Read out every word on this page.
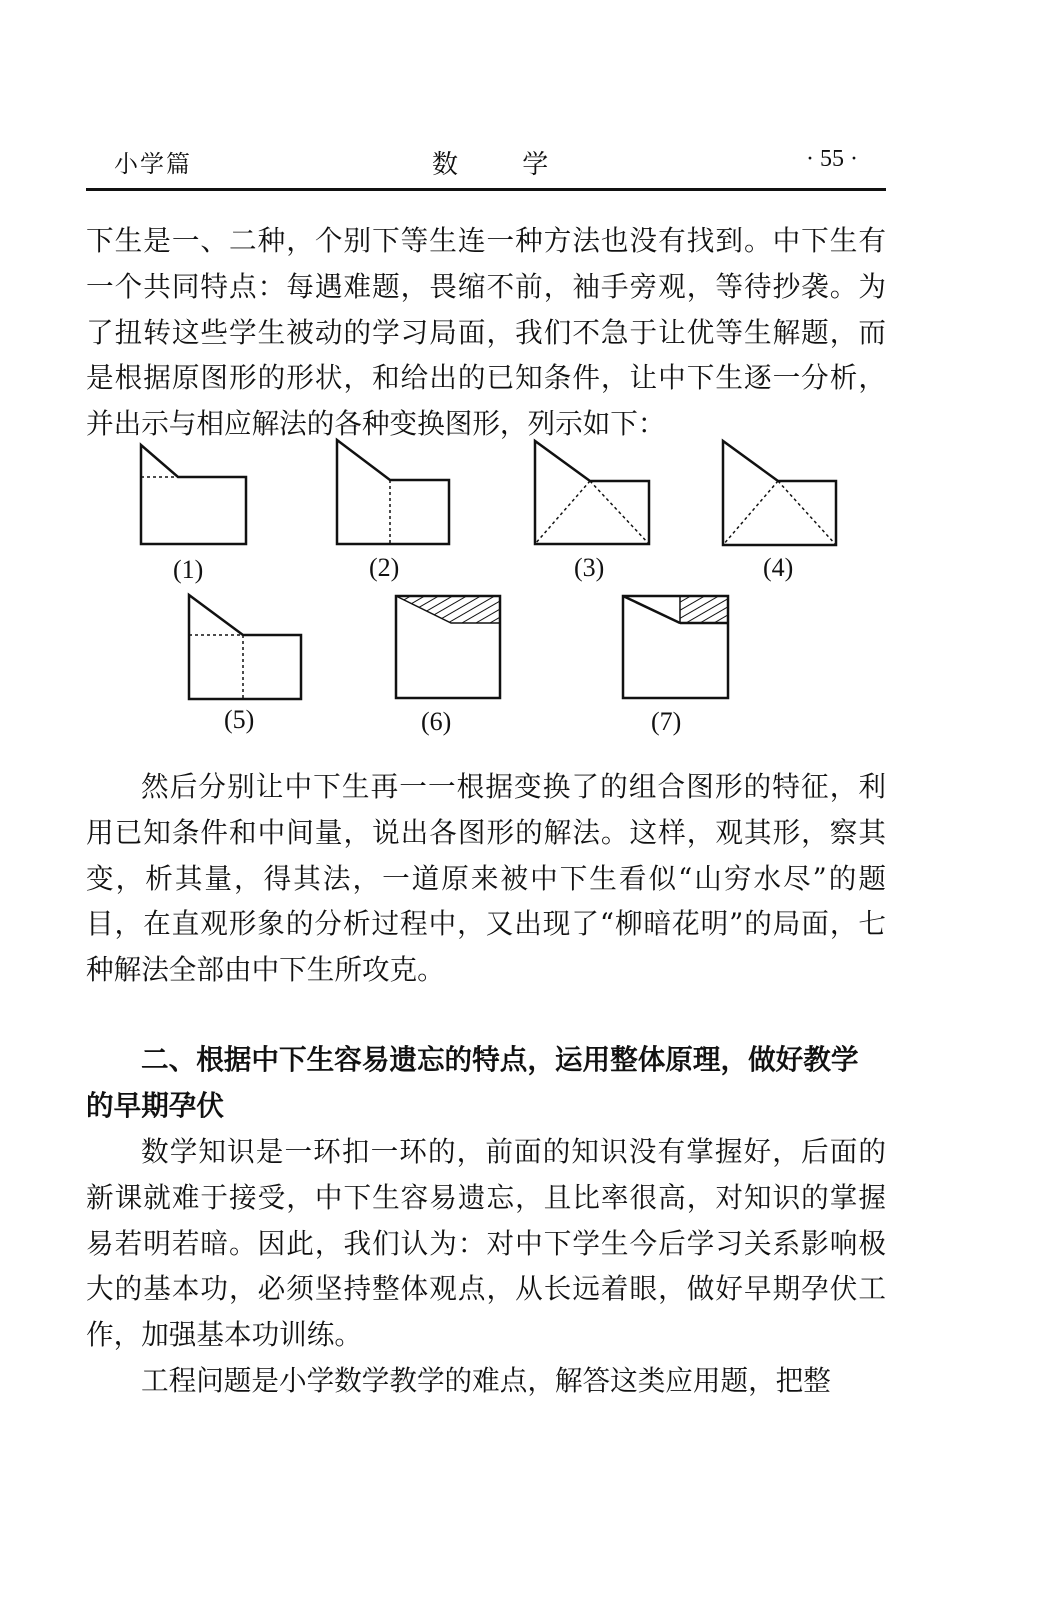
小学篇	数 学	· 55 ·

下生是一、二种，个别下等生连一种方法也没有找到。中下生有一个共同特点：每遇难题，畏缩不前，袖手旁观，等待抄袭。为了扭转这些学生被动的学习局面，我们不急于让优等生解题，而是根据原图形的形状，和给出的已知条件，让中下生逐一分析，并出示与相应解法的各种变换图形，列示如下：

(1)	(2)	(3)	(4)
(5)	(6)	(7)

然后分别让中下生再一一根据变换了的组合图形的特征，利用已知条件和中间量，说出各图形的解法。这样，观其形，察其变，析其量，得其法，一道原来被中下生看似“山穷水尽”的题目，在直观形象的分析过程中，又出现了“柳暗花明”的局面，七种解法全部由中下生所攻克。

二、根据中下生容易遗忘的特点，运用整体原理，做好教学的早期孕伏

数学知识是一环扣一环的，前面的知识没有掌握好，后面的新课就难于接受，中下生容易遗忘，且比率很高，对知识的掌握易若明若暗。因此，我们认为：对中下学生今后学习关系影响极大的基本功，必须坚持整体观点，从长远着眼，做好早期孕伏工作，加强基本功训练。

工程问题是小学数学教学的难点，解答这类应用题，把整
